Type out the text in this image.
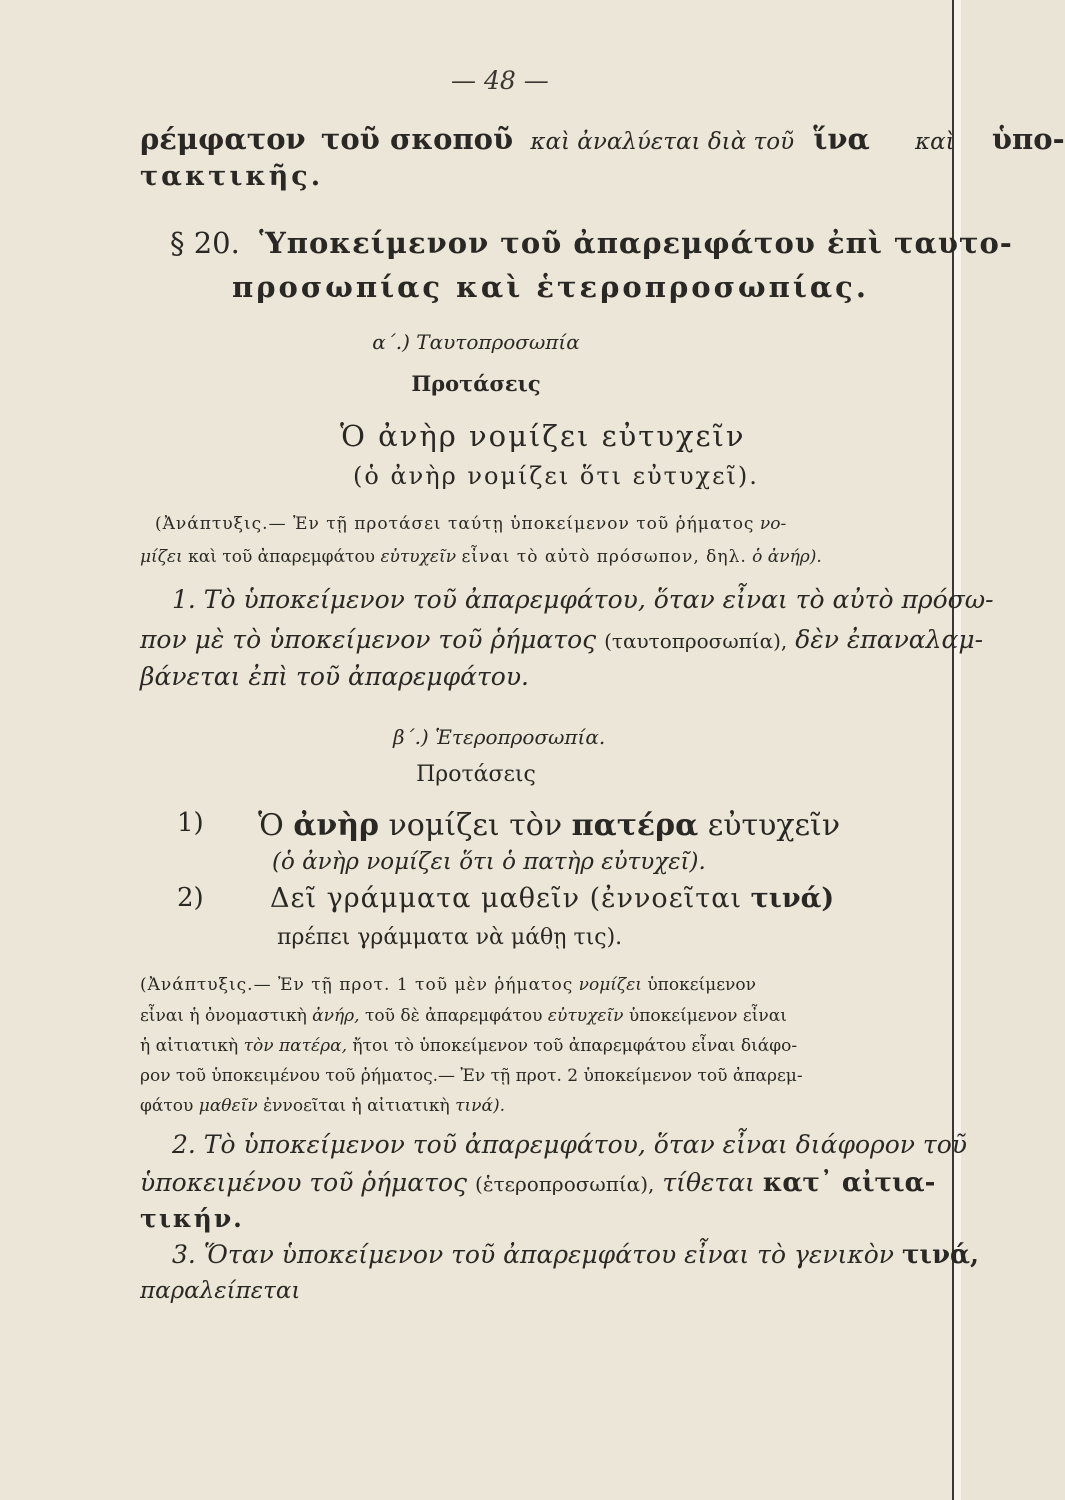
— 48 —
ρέμφατον τοῦ σκοποῦ καὶ ἀναλύεται διὰ τοῦ ἵνα καὶ ὑπο-
τακτικῆς.
§ 20. Ὑποκείμενον τοῦ ἀπαρεμφάτου ἐπὶ ταυτο-
προσωπίας καὶ ἑτεροπροσωπίας.
α΄.) Ταυτοπροσωπία
Προτάσεις
Ὁ ἀνὴρ νομίζει εὐτυχεῖν
(ὁ ἀνὴρ νομίζει ὅτι εὐτυχεῖ).
(Ἀνάπτυξις.— Ἐν τῇ προτάσει ταύτῃ ὑποκείμενον τοῦ ῥήματος νο-
μίζει καὶ τοῦ ἀπαρεμφάτου εὐτυχεῖν εἶναι τὸ αὐτὸ πρόσωπον, δηλ. ὁ ἀνήρ).
1. Τὸ ὑποκείμενον τοῦ ἀπαρεμφάτου, ὅταν εἶναι τὸ αὐτὸ πρόσω-
πον μὲ τὸ ὑποκείμενον τοῦ ῥήματος (ταυτοπροσωπία), δὲν ἐπαναλαμ-
βάνεται ἐπὶ τοῦ ἀπαρεμφάτου.
β΄.) Ἑτεροπροσωπία.
Προτάσεις
1) Ὁ ἀνὴρ νομίζει τὸν πατέρα εὐτυχεῖν
(ὁ ἀνὴρ νομίζει ὅτι ὁ πατὴρ εὐτυχεῖ).
2) Δεῖ γράμματα μαθεῖν (ἐννοεῖται τινά)
πρέπει γράμματα νὰ μάθῃ τις).
(Ἀνάπτυξις.— Ἐν τῇ προτ. 1 τοῦ μὲν ῥήματος νομίζει ὑποκείμενον
εἶναι ἡ ὀνομαστικὴ ἀνήρ, τοῦ δὲ ἀπαρεμφάτου εὐτυχεῖν ὑποκείμενον εἶναι
ἡ αἰτιατικὴ τὸν πατέρα, ἤτοι τὸ ὑποκείμενον τοῦ ἀπαρεμφάτου εἶναι διάφο-
ρον τοῦ ὑποκειμένου τοῦ ῥήματος.— Ἐν τῇ προτ. 2 ὑποκείμενον τοῦ ἀπαρεμ-
φάτου μαθεῖν ἐννοεῖται ἡ αἰτιατικὴ τινά).
2. Τὸ ὑποκείμενον τοῦ ἀπαρεμφάτου, ὅταν εἶναι διάφορον τοῦ
ὑποκειμένου τοῦ ῥήματος (ἑτεροπροσωπία), τίθεται κατ᾽ αἰτια-
τικήν.
3. Ὅταν ὑποκείμενον τοῦ ἀπαρεμφάτου εἶναι τὸ γενικὸν τινά,
παραλείπεται
